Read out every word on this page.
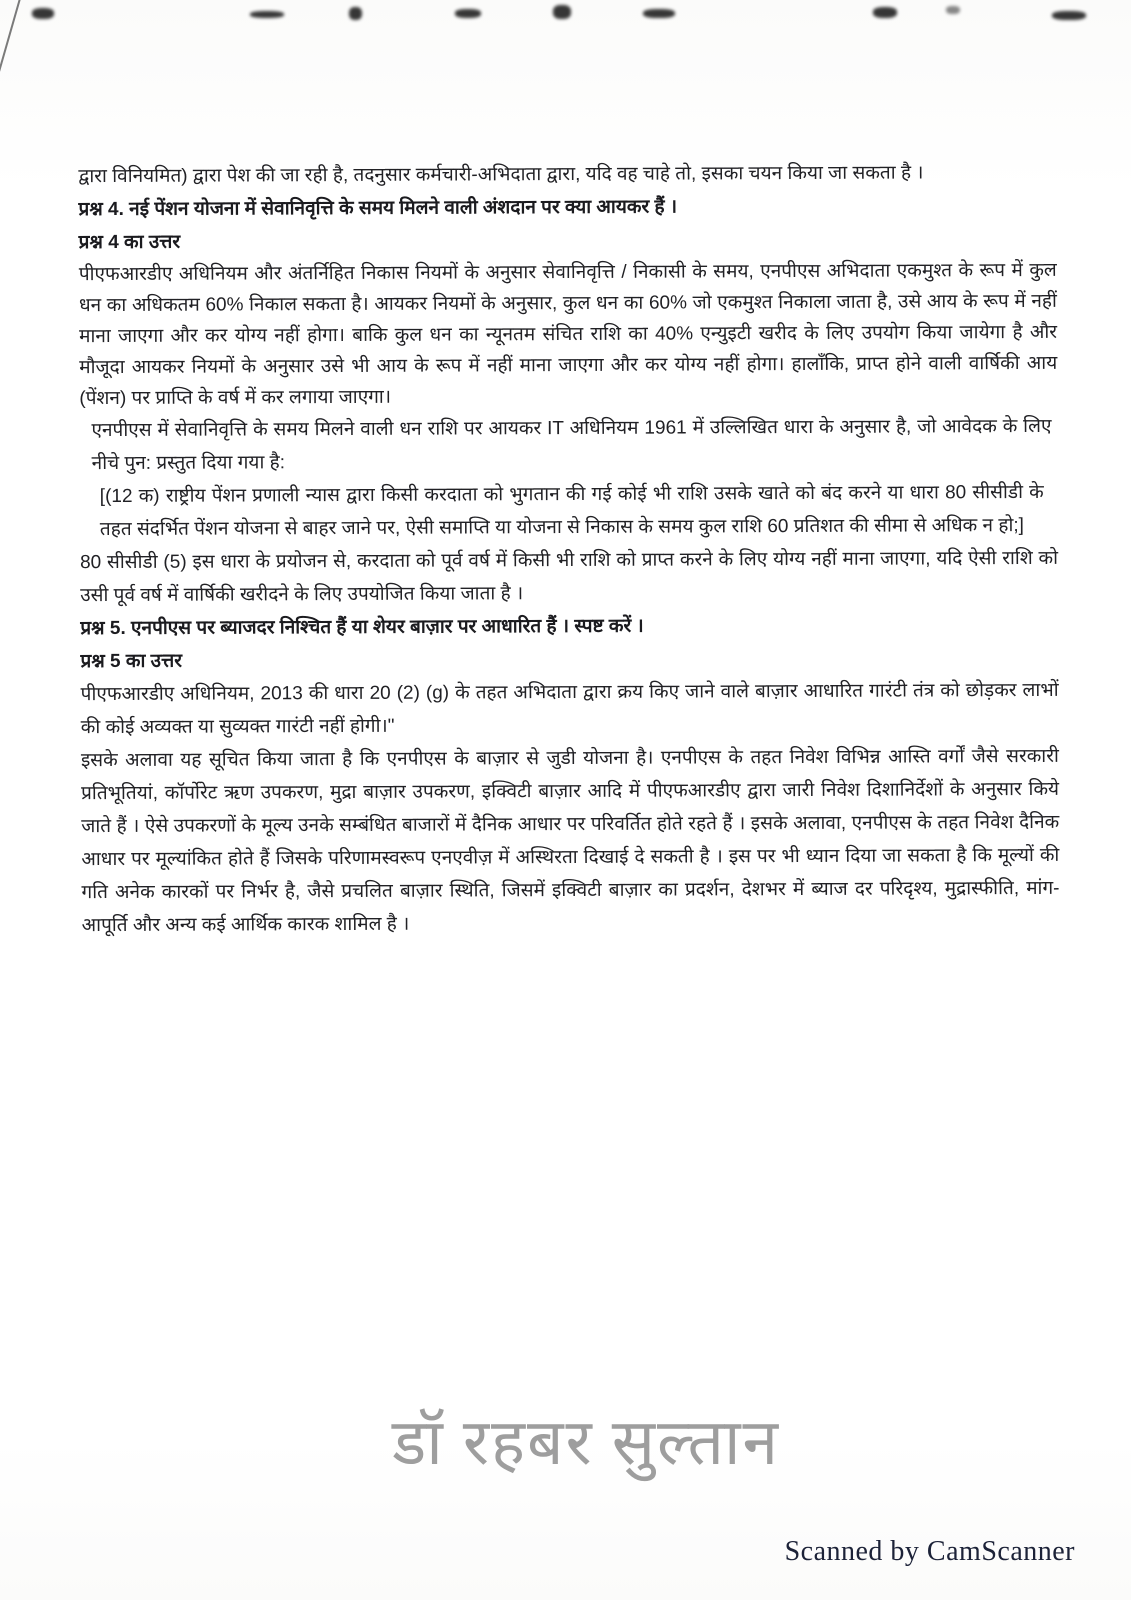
द्वारा विनियमित) द्वारा पेश की जा रही है, तदनुसार कर्मचारी-अभिदाता द्वारा, यदि वह चाहे तो, इसका चयन किया जा सकता है ।

प्रश्न 4. नई पेंशन योजना में सेवानिवृत्ति के समय मिलने वाली अंशदान पर क्या आयकर हैं ।

प्रश्न 4 का उत्तर

पीएफआरडीए अधिनियम और अंतर्निहित निकास नियमों के अनुसार सेवानिवृत्ति / निकासी के समय, एनपीएस अभिदाता एकमुश्त के रूप में कुल धन का अधिकतम 60% निकाल सकता है। आयकर नियमों के अनुसार, कुल धन का 60% जो एकमुश्त निकाला जाता है, उसे आय के रूप में नहीं माना जाएगा और कर योग्य नहीं होगा। बाकि कुल धन का न्यूनतम संचित राशि का 40% एन्युइटी खरीद के लिए उपयोग किया जायेगा है और मौजूदा आयकर नियमों के अनुसार उसे भी आय के रूप में नहीं माना जाएगा और कर योग्य नहीं होगा। हालाँकि, प्राप्त होने वाली वार्षिकी आय (पेंशन) पर प्राप्ति के वर्ष में कर लगाया जाएगा।

एनपीएस में सेवानिवृत्ति के समय मिलने वाली धन राशि पर आयकर IT अधिनियम 1961 में उल्लिखित धारा के अनुसार है, जो आवेदक के लिए नीचे पुन: प्रस्तुत दिया गया है:

[(12 क) राष्ट्रीय पेंशन प्रणाली न्यास द्वारा किसी करदाता को भुगतान की गई कोई भी राशि उसके खाते को बंद करने या धारा 80 सीसीडी के तहत संदर्भित पेंशन योजना से बाहर जाने पर, ऐसी समाप्ति या योजना से निकास के समय कुल राशि 60 प्रतिशत की सीमा से अधिक न हो;]

80 सीसीडी (5) इस धारा के प्रयोजन से, करदाता को पूर्व वर्ष में किसी भी राशि को प्राप्त करने के लिए योग्य नहीं माना जाएगा, यदि ऐसी राशि को उसी पूर्व वर्ष में वार्षिकी खरीदने के लिए उपयोजित किया जाता है ।

प्रश्न 5. एनपीएस पर ब्याजदर निश्चित हैं या शेयर बाज़ार पर आधारित हैं । स्पष्ट करें ।

प्रश्न 5 का उत्तर

पीएफआरडीए अधिनियम, 2013 की धारा 20 (2) (g) के तहत अभिदाता द्वारा क्रय किए जाने वाले बाज़ार आधारित गारंटी तंत्र को छोड़कर लाभों की कोई अव्यक्त या सुव्यक्त गारंटी नहीं होगी।"

इसके अलावा यह सूचित किया जाता है कि एनपीएस के बाज़ार से जुडी योजना है। एनपीएस के तहत निवेश विभिन्न आस्ति वर्गों जैसे सरकारी प्रतिभूतियां, कॉर्पोरेट ऋण उपकरण, मुद्रा बाज़ार उपकरण, इक्विटी बाज़ार आदि में पीएफआरडीए द्वारा जारी निवेश दिशानिर्देशों के अनुसार किये जाते हैं । ऐसे उपकरणों के मूल्य उनके सम्बंधित बाजारों में दैनिक आधार पर परिवर्तित होते रहते हैं । इसके अलावा, एनपीएस के तहत निवेश दैनिक आधार पर मूल्यांकित होते हैं जिसके परिणामस्वरूप एनएवीज़ में अस्थिरता दिखाई दे सकती है । इस पर भी ध्यान दिया जा सकता है कि मूल्यों की गति अनेक कारकों पर निर्भर है, जैसे प्रचलित बाज़ार स्थिति, जिसमें इक्विटी बाज़ार का प्रदर्शन, देशभर में ब्याज दर परिदृश्य, मुद्रास्फीति, मांग-आपूर्ति और अन्य कई आर्थिक कारक शामिल है ।

डॉ रहबर सुल्तान
Scanned by CamScanner
